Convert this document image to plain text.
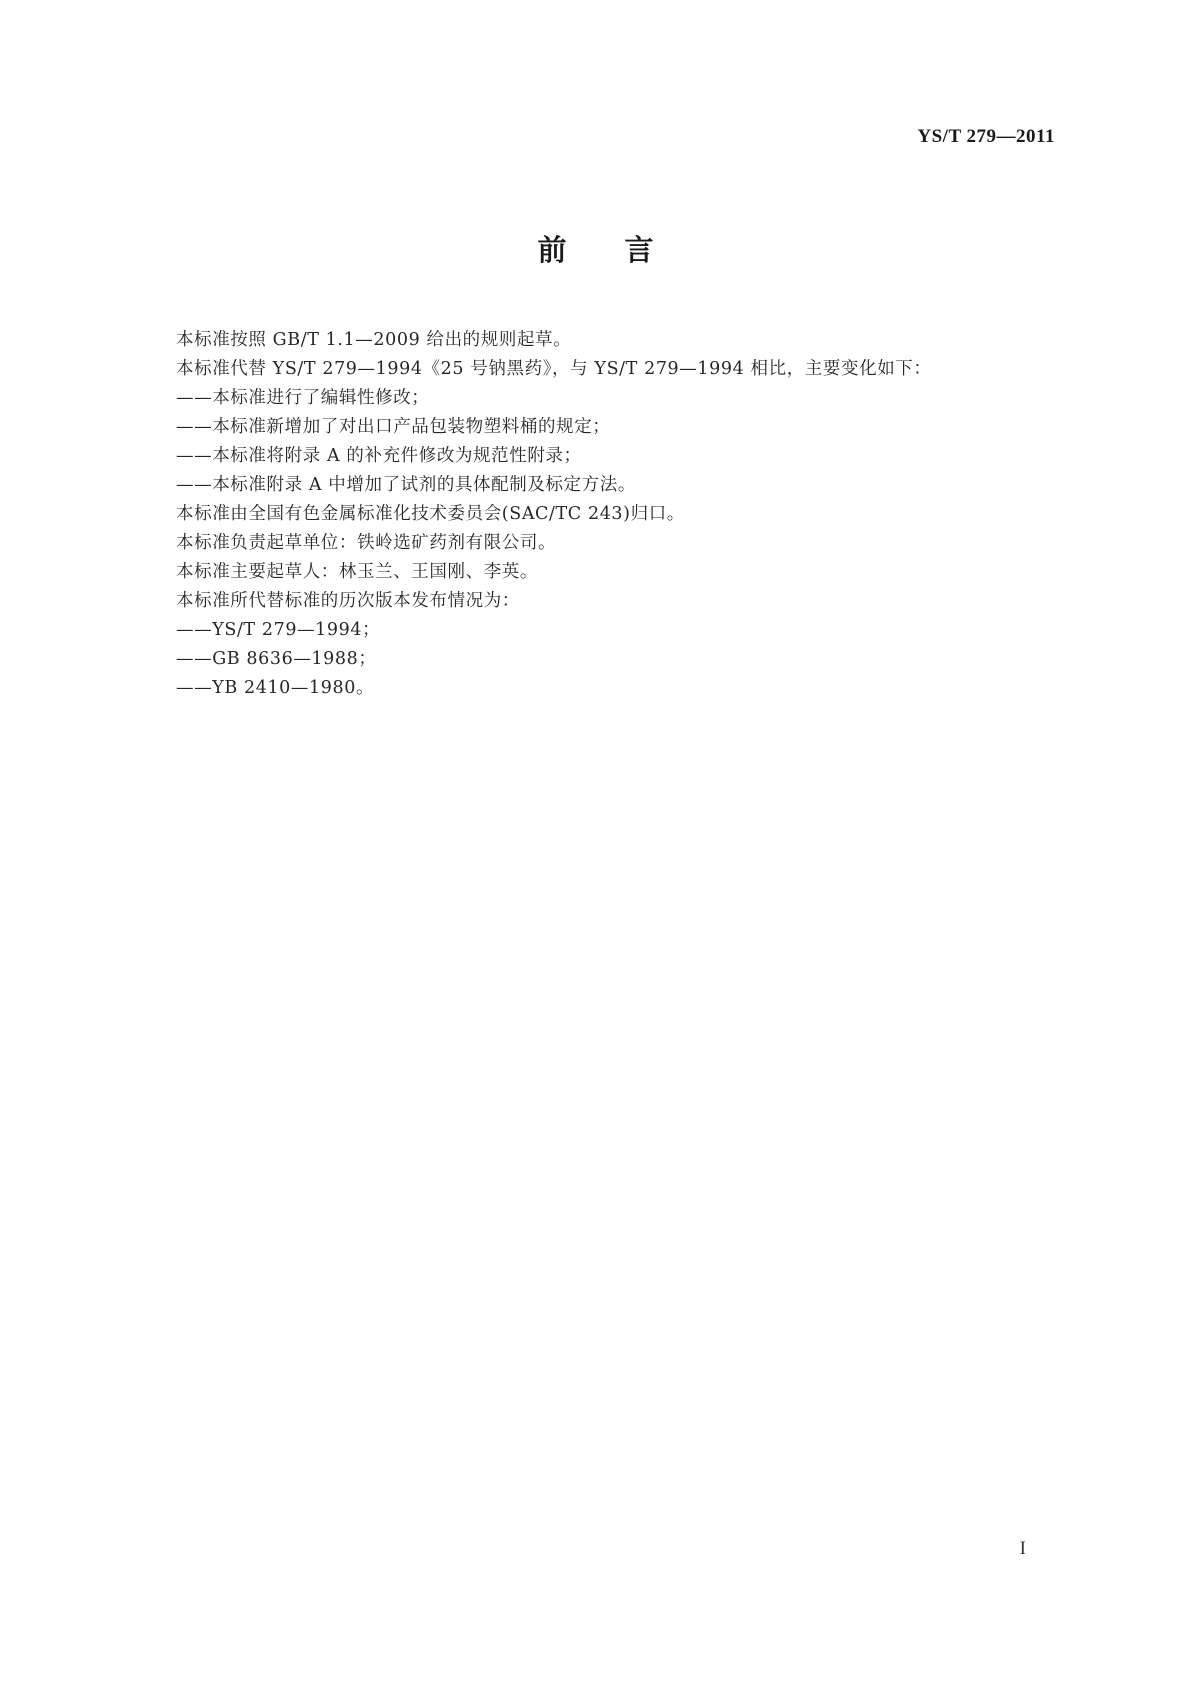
YS/T 279—2011
前 言
本标准按照 GB/T 1.1—2009 给出的规则起草。
本标准代替 YS/T 279—1994《25 号钠黑药》，与 YS/T 279—1994 相比，主要变化如下：
——本标准进行了编辑性修改；
——本标准新增加了对出口产品包装物塑料桶的规定；
——本标准将附录 A 的补充件修改为规范性附录；
——本标准附录 A 中增加了试剂的具体配制及标定方法。
本标准由全国有色金属标准化技术委员会(SAC/TC 243)归口。
本标准负责起草单位：铁岭选矿药剂有限公司。
本标准主要起草人：林玉兰、王国刚、李英。
本标准所代替标准的历次版本发布情况为：
——YS/T 279—1994；
——GB 8636—1988；
——YB 2410—1980。
I
